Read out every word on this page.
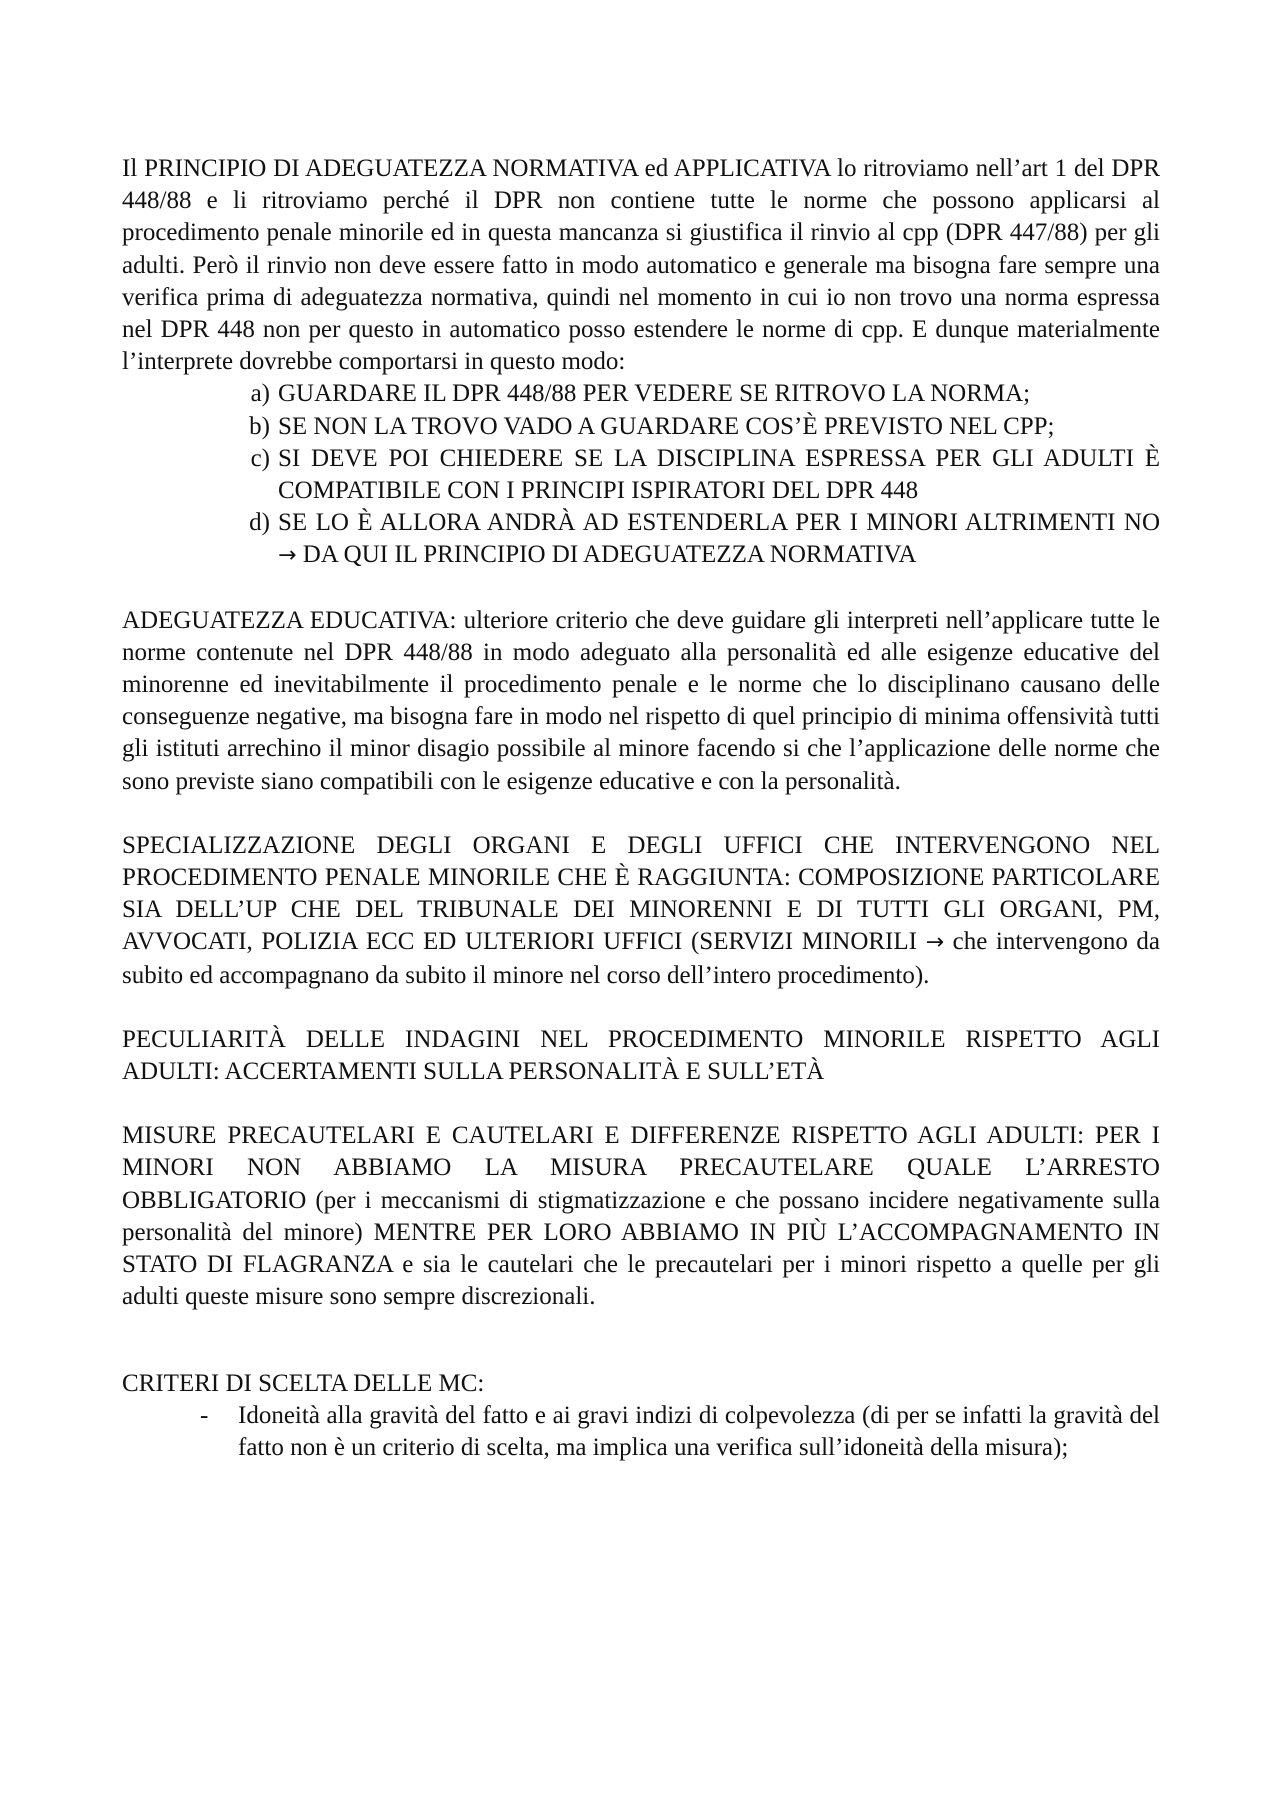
Il PRINCIPIO DI ADEGUATEZZA NORMATIVA ed APPLICATIVA lo ritroviamo nell’art 1 del DPR 448/88 e li ritroviamo perché il DPR non contiene tutte le norme che possono applicarsi al procedimento penale minorile ed in questa mancanza si giustifica il rinvio al cpp (DPR 447/88) per gli adulti. Però il rinvio non deve essere fatto in modo automatico e generale ma bisogna fare sempre una verifica prima di adeguatezza normativa, quindi nel momento in cui io non trovo una norma espressa nel DPR 448 non per questo in automatico posso estendere le norme di cpp. E dunque materialmente l’interprete dovrebbe comportarsi in questo modo:

a) GUARDARE IL DPR 448/88 PER VEDERE SE RITROVO LA NORMA;
b) SE NON LA TROVO VADO A GUARDARE COS’È PREVISTO NEL CPP;
c) SI DEVE POI CHIEDERE SE LA DISCIPLINA ESPRESSA PER GLI ADULTI È COMPATIBILE CON I PRINCIPI ISPIRATORI DEL DPR 448
d) SE LO È ALLORA ANDRÀ AD ESTENDERLA PER I MINORI ALTRIMENTI NO → DA QUI IL PRINCIPIO DI ADEGUATEZZA NORMATIVA

ADEGUATEZZA EDUCATIVA: ulteriore criterio che deve guidare gli interpreti nell’applicare tutte le norme contenute nel DPR 448/88 in modo adeguato alla personalità ed alle esigenze educative del minorenne ed inevitabilmente il procedimento penale e le norme che lo disciplinano causano delle conseguenze negative, ma bisogna fare in modo nel rispetto di quel principio di minima offensività tutti gli istituti arrechino il minor disagio possibile al minore facendo si che l’applicazione delle norme che sono previste siano compatibili con le esigenze educative e con la personalità.

SPECIALIZZAZIONE DEGLI ORGANI E DEGLI UFFICI CHE INTERVENGONO NEL PROCEDIMENTO PENALE MINORILE CHE È RAGGIUNTA: COMPOSIZIONE PARTICOLARE SIA DELL’UP CHE DEL TRIBUNALE DEI MINORENNI E DI TUTTI GLI ORGANI, PM, AVVOCATI, POLIZIA ECC ED ULTERIORI UFFICI (SERVIZI MINORILI → che intervengono da subito ed accompagnano da subito il minore nel corso dell’intero procedimento).

PECULIARITÀ DELLE INDAGINI NEL PROCEDIMENTO MINORILE RISPETTO AGLI ADULTI: ACCERTAMENTI SULLA PERSONALITÀ E SULL’ETÀ

MISURE PRECAUTELARI E CAUTELARI E DIFFERENZE RISPETTO AGLI ADULTI: PER I MINORI NON ABBIAMO LA MISURA PRECAUTELARE QUALE L’ARRESTO OBBLIGATORIO (per i meccanismi di stigmatizzazione e che possano incidere negativamente sulla personalità del minore) MENTRE PER LORO ABBIAMO IN PIÙ L’ACCOMPAGNAMENTO IN STATO DI FLAGRANZA e sia le cautelari che le precautelari per i minori rispetto a quelle per gli adulti queste misure sono sempre discrezionali.

CRITERI DI SCELTA DELLE MC:

- Idoneità alla gravità del fatto e ai gravi indizi di colpevolezza (di per se infatti la gravità del fatto non è un criterio di scelta, ma implica una verifica sull’idoneità della misura);
